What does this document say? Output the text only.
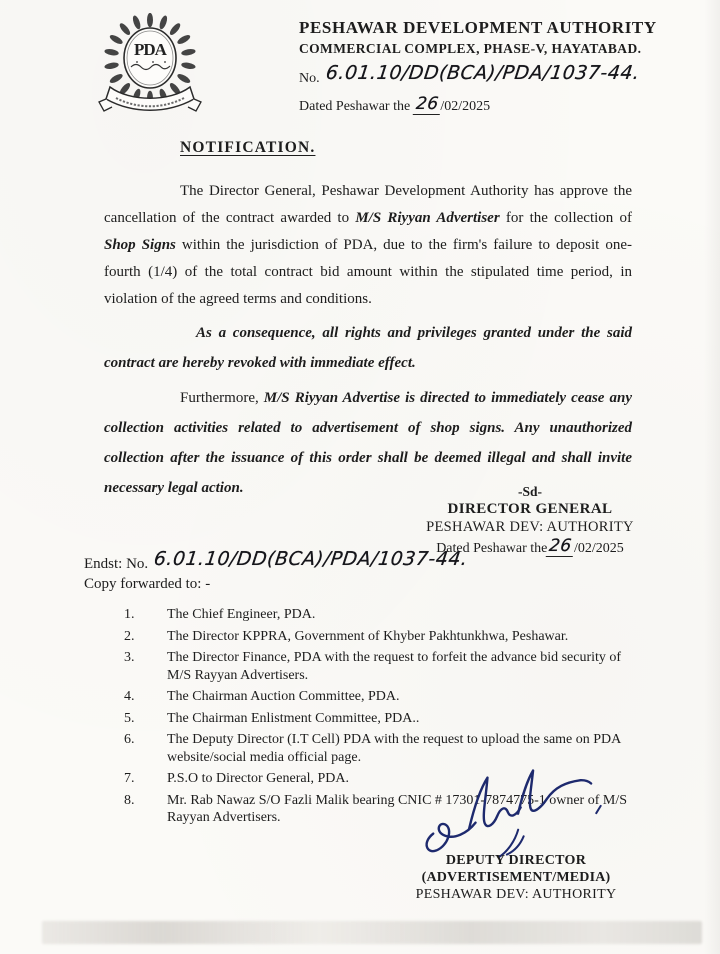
PDA
PESHAWAR DEVELOPMENT AUTHORITY
COMMERCIAL COMPLEX, PHASE-V, HAYATABAD.
No. 6.01.10/DD(BCA)/PDA/1037-44.
Dated Peshawar the 26/02/2025
NOTIFICATION.

The Director General, Peshawar Development Authority has approve the cancellation of the contract awarded to M/S Riyyan Advertiser for the collection of Shop Signs within the jurisdiction of PDA, due to the firm's failure to deposit one-fourth (1/4) of the total contract bid amount within the stipulated time period, in violation of the agreed terms and conditions.

As a consequence, all rights and privileges granted under the said contract are hereby revoked with immediate effect.

Furthermore, M/S Riyyan Advertise is directed to immediately cease any collection activities related to advertisement of shop signs. Any unauthorized collection after the issuance of this order shall be deemed illegal and shall invite necessary legal action.	-Sd-
DIRECTOR GENERAL
PESHAWAR DEV: AUTHORITY
Dated Peshawar the26/02/2025
Endst: No. 6.01.10/DD(BCA)/PDA/1037-44.
Copy forwarded to: -
1. The Chief Engineer, PDA.
2. The Director KPPRA, Government of Khyber Pakhtunkhwa, Peshawar.
3. The Director Finance, PDA with the request to forfeit the advance bid security of M/S Rayyan Advertisers.
4. The Chairman Auction Committee, PDA.
5. The Chairman Enlistment Committee, PDA..
6. The Deputy Director (I.T Cell) PDA with the request to upload the same on PDA website/social media official page.
7. P.S.O to Director General, PDA.
8. Mr. Rab Nawaz S/O Fazli Malik bearing CNIC # 17301-7874775-1 owner of M/S Rayyan Advertisers.
DEPUTY DIRECTOR
(ADVERTISEMENT/MEDIA)
PESHAWAR DEV: AUTHORITY
